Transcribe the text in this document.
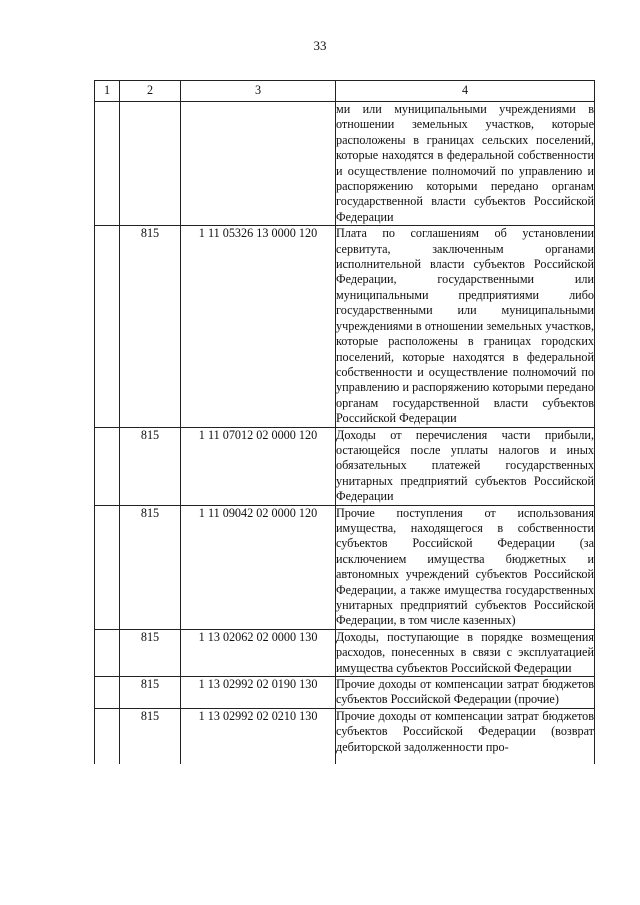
33
1	2	3	4
			ми или муниципальными учреждениями в отношении земельных участков, которые расположены в границах сельских поселений, которые находятся в федеральной собственности и осуществление полномочий по управлению и распоряжению которыми передано органам государственной власти субъектов Российской Федерации
	815	1 11 05326 13 0000 120	Плата по соглашениям об установлении сервитута, заключенным органами исполнительной власти субъектов Российской Федерации, государственными или муниципальными предприятиями либо государственными или муниципальными учреждениями в отношении земельных участков, которые расположены в границах городских поселений, которые находятся в федеральной собственности и осуществление полномочий по управлению и распоряжению которыми передано органам государственной власти субъектов Российской Федерации
	815	1 11 07012 02 0000 120	Доходы от перечисления части прибыли, остающейся после уплаты налогов и иных обязательных платежей государственных унитарных предприятий субъектов Российской Федерации
	815	1 11 09042 02 0000 120	Прочие поступления от использования имущества, находящегося в собственности субъектов Российской Федерации (за исключением имущества бюджетных и автономных учреждений субъектов Российской Федерации, а также имущества государственных унитарных предприятий субъектов Российской Федерации, в том числе казенных)
	815	1 13 02062 02 0000 130	Доходы, поступающие в порядке возмещения расходов, понесенных в связи с эксплуатацией имущества субъектов Российской Федерации
	815	1 13 02992 02 0190 130	Прочие доходы от компенсации затрат бюджетов субъектов Российской Федерации (прочие)
	815	1 13 02992 02 0210 130	Прочие доходы от компенсации затрат бюджетов субъектов Российской Федерации (возврат дебиторской задолженности про-
